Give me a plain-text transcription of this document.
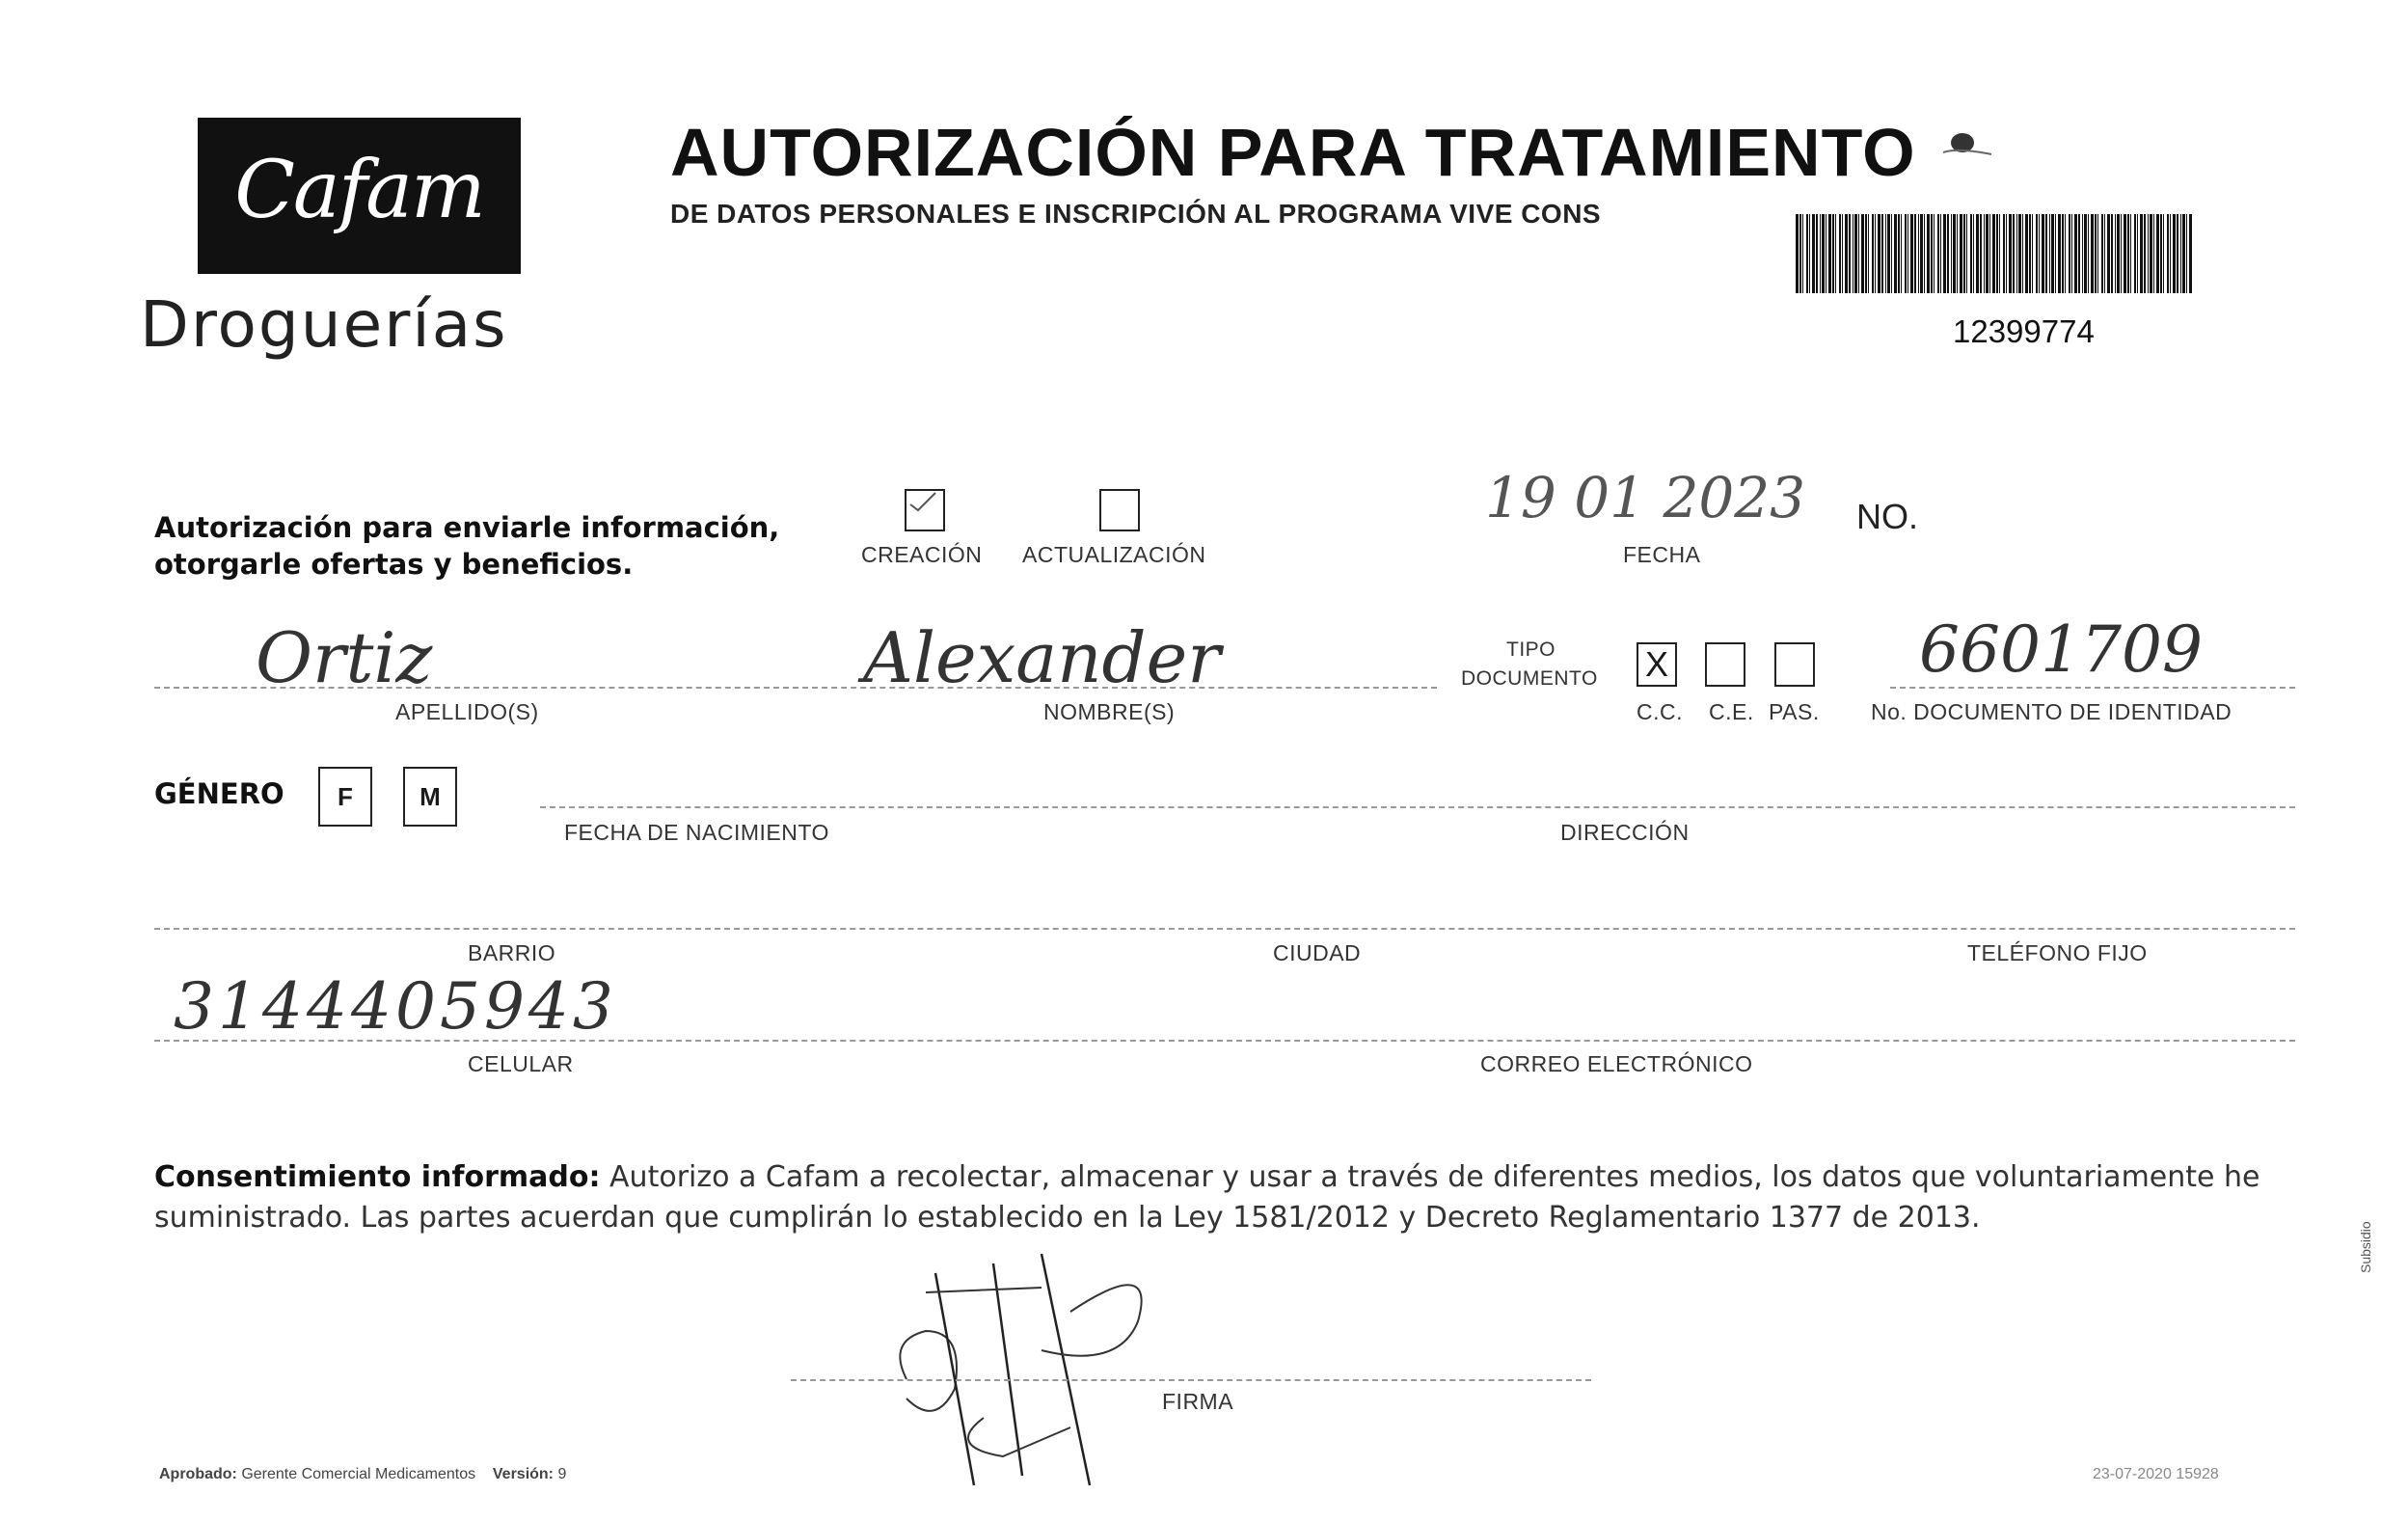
Cafam
Droguerías
AUTORIZACIÓN PARA TRATAMIENTO
DE DATOS PERSONALES E INSCRIPCIÓN AL PROGRAMA VIVE CONS
12399774
Autorización para enviarle información,
otorgarle ofertas y beneficios.	CREACIÓN ACTUALIZACIÓN
19 01 2023
FECHA
NO.
Ortiz
APELLIDO(S)
Alexander
NOMBRE(S)
TIPO
DOCUMENTO X
C.C. C.E. PAS.
6601709
No. DOCUMENTO DE IDENTIDAD
GÉNERO	F	M
FECHA DE NACIMIENTO	DIRECCIÓN
BARRIO	CIUDAD	TELÉFONO FIJO
3144405943
CELULAR	CORREO ELECTRÓNICO
Consentimiento informado: Autorizo a Cafam a recolectar, almacenar y usar a través de diferentes medios, los datos que voluntariamente he suministrado. Las partes acuerdan que cumplirán lo establecido en la Ley 1581/2012 y Decreto Reglamentario 1377 de 2013.
FIRMA
Aprobado: Gerente Comercial Medicamentos Versión: 9	23-07-2020 15928
Subsidio
